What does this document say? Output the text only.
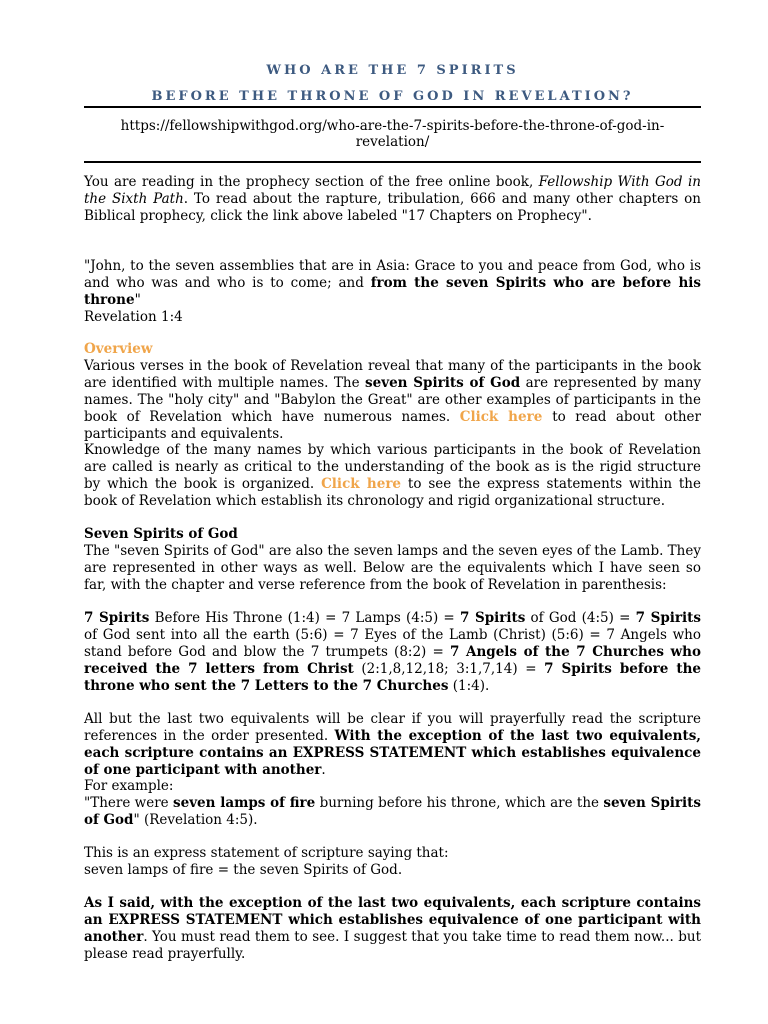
WHO ARE THE 7 SPIRITS
BEFORE THE THRONE OF GOD IN REVELATION?
https://fellowshipwithgod.org/who-are-the-7-spirits-before-the-throne-of-god-in-revelation/

You are reading in the prophecy section of the free online book, Fellowship With God in the Sixth Path. To read about the rapture, tribulation, 666 and many other chapters on Biblical prophecy, click the link above labeled "17 Chapters on Prophecy".

"John, to the seven assemblies that are in Asia: Grace to you and peace from God, who is and who was and who is to come; and from the seven Spirits who are before his throne"
Revelation 1:4

Overview

Various verses in the book of Revelation reveal that many of the participants in the book are identified with multiple names. The seven Spirits of God are represented by many names. The "holy city" and "Babylon the Great" are other examples of participants in the book of Revelation which have numerous names. Click here to read about other participants and equivalents.

Knowledge of the many names by which various participants in the book of Revelation are called is nearly as critical to the understanding of the book as is the rigid structure by which the book is organized. Click here to see the express statements within the book of Revelation which establish its chronology and rigid organizational structure.

Seven Spirits of God

The "seven Spirits of God" are also the seven lamps and the seven eyes of the Lamb. They are represented in other ways as well. Below are the equivalents which I have seen so far, with the chapter and verse reference from the book of Revelation in parenthesis:

7 Spirits Before His Throne (1:4) = 7 Lamps (4:5) = 7 Spirits of God (4:5) = 7 Spirits of God sent into all the earth (5:6) = 7 Eyes of the Lamb (Christ) (5:6) = 7 Angels who stand before God and blow the 7 trumpets (8:2) = 7 Angels of the 7 Churches who received the 7 letters from Christ (2:1,8,12,18; 3:1,7,14) = 7 Spirits before the throne who sent the 7 Letters to the 7 Churches (1:4).

All but the last two equivalents will be clear if you will prayerfully read the scripture references in the order presented. With the exception of the last two equivalents, each scripture contains an EXPRESS STATEMENT which establishes equivalence of one participant with another.

For example:
"There were seven lamps of fire burning before his throne, which are the seven Spirits of God" (Revelation 4:5).

This is an express statement of scripture saying that:
seven lamps of fire = the seven Spirits of God.

As I said, with the exception of the last two equivalents, each scripture contains an EXPRESS STATEMENT which establishes equivalence of one participant with another. You must read them to see. I suggest that you take time to read them now... but please read prayerfully.
